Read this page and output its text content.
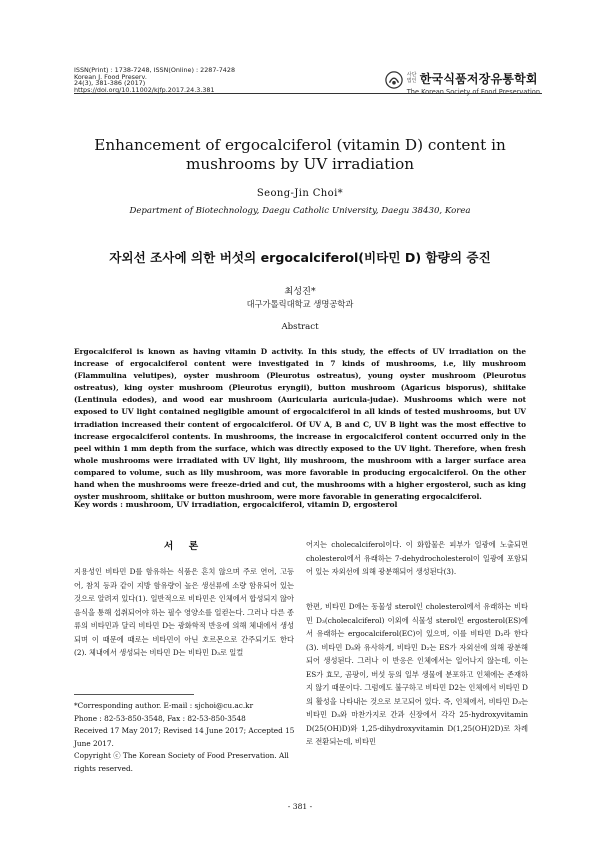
ISSN(Print) : 1738-7248, ISSN(Online) : 2287-7428
Korean J. Food Preserv.
24(3), 381-386 (2017)
https://doi.org/10.11002/kjfp.2017.24.3.381
사단
법인 한국식품저장유통학회
The Korean Society of Food Preservation
Enhancement of ergocalciferol (vitamin D) content in mushrooms by UV irradiation
Seong-Jin Choi*
Department of Biotechnology, Daegu Catholic University, Daegu 38430, Korea
자외선 조사에 의한 버섯의 ergocalciferol(비타민 D) 함량의 증진
최성진*
대구가톨릭대학교 생명공학과
Abstract
Ergocalciferol is known as having vitamin D activity. In this study, the effects of UV irradiation on the increase of ergocalciferol content were investigated in 7 kinds of mushrooms, i.e, lily mushroom (Flammulina velutipes), oyster mushroom (Pleurotus ostreatus), young oyster mushroom (Pleurotus ostreatus), king oyster mushroom (Pleurotus eryngii), button mushroom (Agaricus bisporus), shiitake (Lentinula edodes), and wood ear mushroom (Auricularia auricula-judae). Mushrooms which were not exposed to UV light contained negligible amount of ergocalciferol in all kinds of tested mushrooms, but UV irradiation increased their content of ergocalciferol. Of UV A, B and C, UV B light was the most effective to increase ergocalciferol contents. In mushrooms, the increase in ergocalciferol content occurred only in the peel within 1 mm depth from the surface, which was directly exposed to the UV light. Therefore, when fresh whole mushrooms were irradiated with UV light, lily mushroom, the mushroom with a larger surface area compared to volume, such as lily mushroom, was more favorable in producing ergocalciferol. On the other hand when the mushrooms were freeze-dried and cut, the mushrooms with a higher ergosterol, such as king oyster mushroom, shiitake or button mushroom, were more favorable in generating ergocalciferol.
Key words : mushroom, UV irradiation, ergocalciferol, vitamin D, ergosterol
서 론
지용성인 비타민 D를 함유하는 식품은 흔치 않으며 주로 연어, 고등어, 참치 등과 같이 지방 함유량이 높은 생선류에 소량 함유되어 있는 것으로 알려져 있다(1). 일반적으로 비타민은 인체에서 합성되지 않아 음식을 통해 섭취되어야 하는 필수 영양소를 일컫는다. 그러나 다른 종류의 비타민과 달리 비타민 D는 광화학적 반응에 의해 체내에서 생성되며 이 때문에 때로는 비타민이 아닌 호르몬으로 간주되기도 한다(2). 체내에서 생성되는 비타민 D는 비타민 D₃로 일컬
어지는 cholecalciferol이다. 이 화합물은 피부가 일광에 노출되면 cholesterol에서 유래하는 7-dehydrocholesterol이 일광에 포함되어 있는 자외선에 의해 광분해되어 생성된다(3).
한편, 비타민 D에는 동물성 sterol인 cholesterol에서 유래하는 비타민 D₃(cholecalciferol) 이외에 식물성 sterol인 ergosterol(ES)에서 유래하는 ergocalciferol(EC)이 있으며, 이를 비타민 D₂라 한다(3). 비타민 D₃와 유사하게, 비타민 D₂는 ES가 자외선에 의해 광분해되어 생성된다. 그러나 이 반응은 인체에서는 일어나지 않는데, 이는 ES가 효모, 곰팡이, 버섯 등의 일부 생물에 분포하고 인체에는 존재하지 않기 때문이다. 그럼에도 불구하고 비타민 D2는 인체에서 비타민 D의 활성을 나타내는 것으로 보고되어 있다. 즉, 인체에서, 비타민 D₃는 비타민 D₃와 마찬가지로 간과 신장에서 각각 25-hydroxyvitamin D(25(OH)D)와 1,25-dihydroxyvitamin D(1,25(OH)2D)로 차례로 전환되는데, 비타민
*Corresponding author. E-mail : sjchoi@cu.ac.kr
Phone : 82-53-850-3548, Fax : 82-53-850-3548
Received 17 May 2017; Revised 14 June 2017; Accepted 15 June 2017.
Copyright ⓒ The Korean Society of Food Preservation. All rights reserved.
- 381 -
